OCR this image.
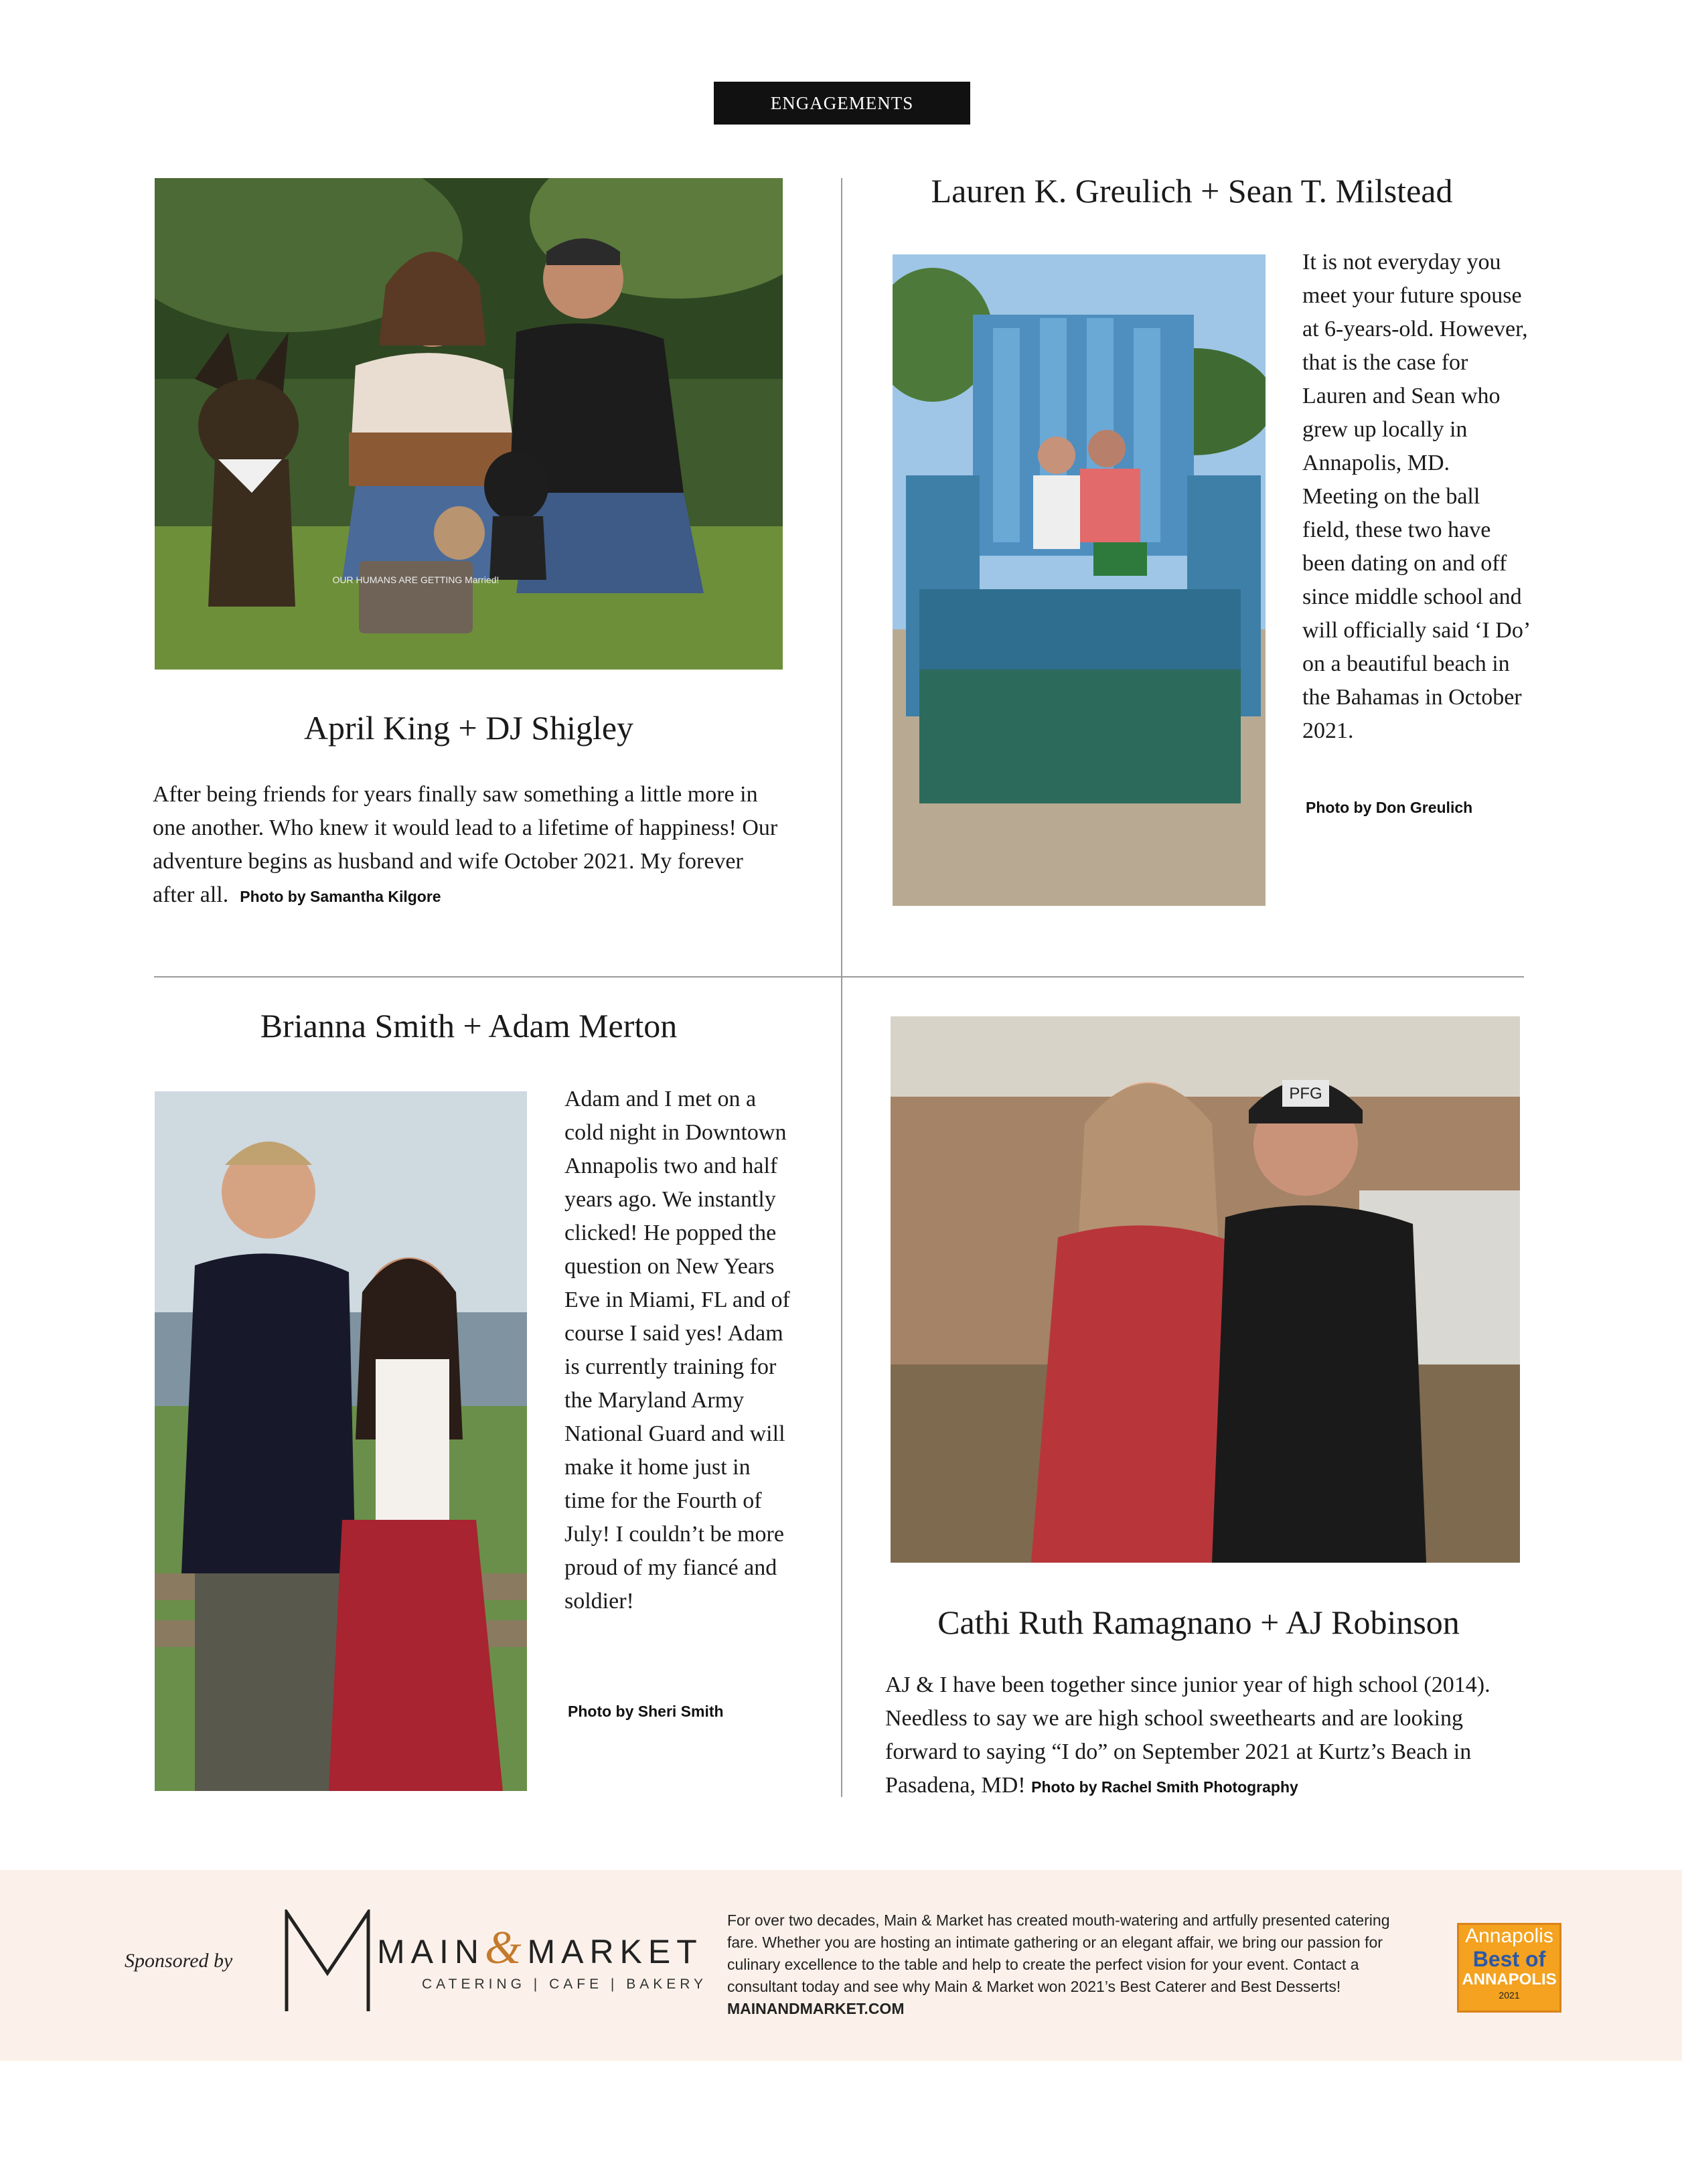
ENGAGEMENTS
OUR HUMANS ARE GETTING Married!
April King + DJ Shigley
After being friends for years finally saw something a little more in one another. Who knew it would lead to a lifetime of happiness! Our adventure begins as husband and wife October 2021. My forever after all. Photo by Samantha Kilgore
Lauren K. Greulich + Sean T. Milstead
It is not everyday you meet your future spouse at 6-years-old. However, that is the case for Lauren and Sean who grew up locally in Annapolis, MD. Meeting on the ball field, these two have been dating on and off since middle school and will officially said ‘I Do’ on a beautiful beach in the Bahamas in October 2021.
Photo by Don Greulich
Brianna Smith + Adam Merton
Adam and I met on a cold night in Downtown Annapolis two and half years ago. We instantly clicked! He popped the question on New Years Eve in Miami, FL and of course I said yes! Adam is currently training for the Maryland Army National Guard and will make it home just in time for the Fourth of July! I couldn’t be more proud of my fiancé and soldier!
Photo by Sheri Smith
PFG
Cathi Ruth Ramagnano + AJ Robinson
AJ & I have been together since junior year of high school (2014). Needless to say we are high school sweethearts and are looking forward to saying “I do” on September 2021 at Kurtz’s Beach in Pasadena, MD! Photo by Rachel Smith Photography
Sponsored by	MAIN&MARKET
CATERING | CAFE | BAKERY
For over two decades, Main & Market has created mouth-watering and artfully presented catering fare. Whether you are hosting an intimate gathering or an elegant affair, we bring our passion for culinary excellence to the table and help to create the perfect vision for your event. Contact a consultant today and see why Main & Market won 2021’s Best Caterer and Best Desserts! MAINANDMARKET.COM
Annapolis
Best of
ANNAPOLIS
2021
